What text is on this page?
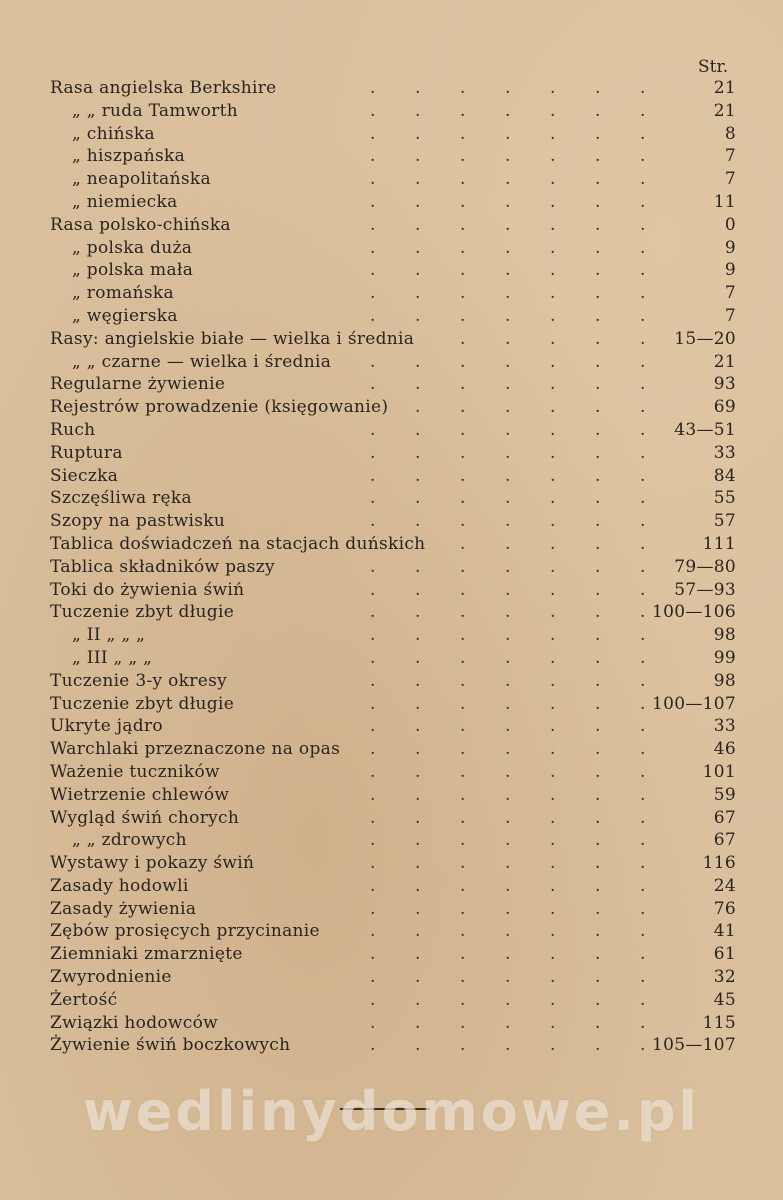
Str.
Rasa angielska Berkshire	. . . . . . .	21
„ „ ruda Tamworth	. . . . . . .	21
„ chińska	. . . . . . .	8
„ hiszpańska	. . . . . . .	7
„ neapolitańska	. . . . . . .	7
„ niemiecka	. . . . . . .	11
Rasa polsko-chińska	. . . . . . .	0
„ polska duża	. . . . . . .	9
„ polska mała	. . . . . . .	9
„ romańska	. . . . . . .	7
„ węgierska	. . . . . . .	7
Rasy: angielskie białe — wielka i średnia	. . . . .	15—20
„ „ czarne — wielka i średnia . . . . . . .	21
Regularne żywienie	. . . . . . .	93
Rejestrów prowadzenie (księgowanie)	. . . . . .	69
Ruch	. . . . . . .	43—51
Ruptura	. . . . . . .	33
Sieczka	. . . . . . .	84
Szczęśliwa ręka	. . . . . . .	55
Szopy na pastwisku	. . . . . . .	57
Tablica doświadczeń na stacjach duńskich	. . . . .	111
Tablica składników paszy	. . . . . . .	79—80
Toki do żywienia świń	. . . . . . .	57—93
Tuczenie zbyt długie	. . . . . . . 100—106
„ II „ „ „	. . . . . . .	98
„ III „ „ „	. . . . . . .	99
Tuczenie 3-y okresy	. . . . . . .	98
Tuczenie zbyt długie	. . . . . . . 100—107
Ukryte jądro	. . . . . . .	33
Warchlaki przeznaczone na opas . . . . . . .	46
Ważenie tuczników	. . . . . . .	101
Wietrzenie chlewów	. . . . . . .	59
Wygląd świń chorych	. . . . . . .	67
„ „ zdrowych	. . . . . . .	67
Wystawy i pokazy świń	. . . . . . .	116
Zasady hodowli	. . . . . . .	24
Zasady żywienia	. . . . . . .	76
Zębów prosięcych przycinanie	. . . . . . .	41
Ziemniaki zmarznięte	. . . . . . .	61
Zwyrodnienie	. . . . . . .	32
Żertość	. . . . . . .	45
Związki hodowców	. . . . . . .	115
Żywienie świń boczkowych	. . . . . . . 105—107
wedlinydomowe.pl
